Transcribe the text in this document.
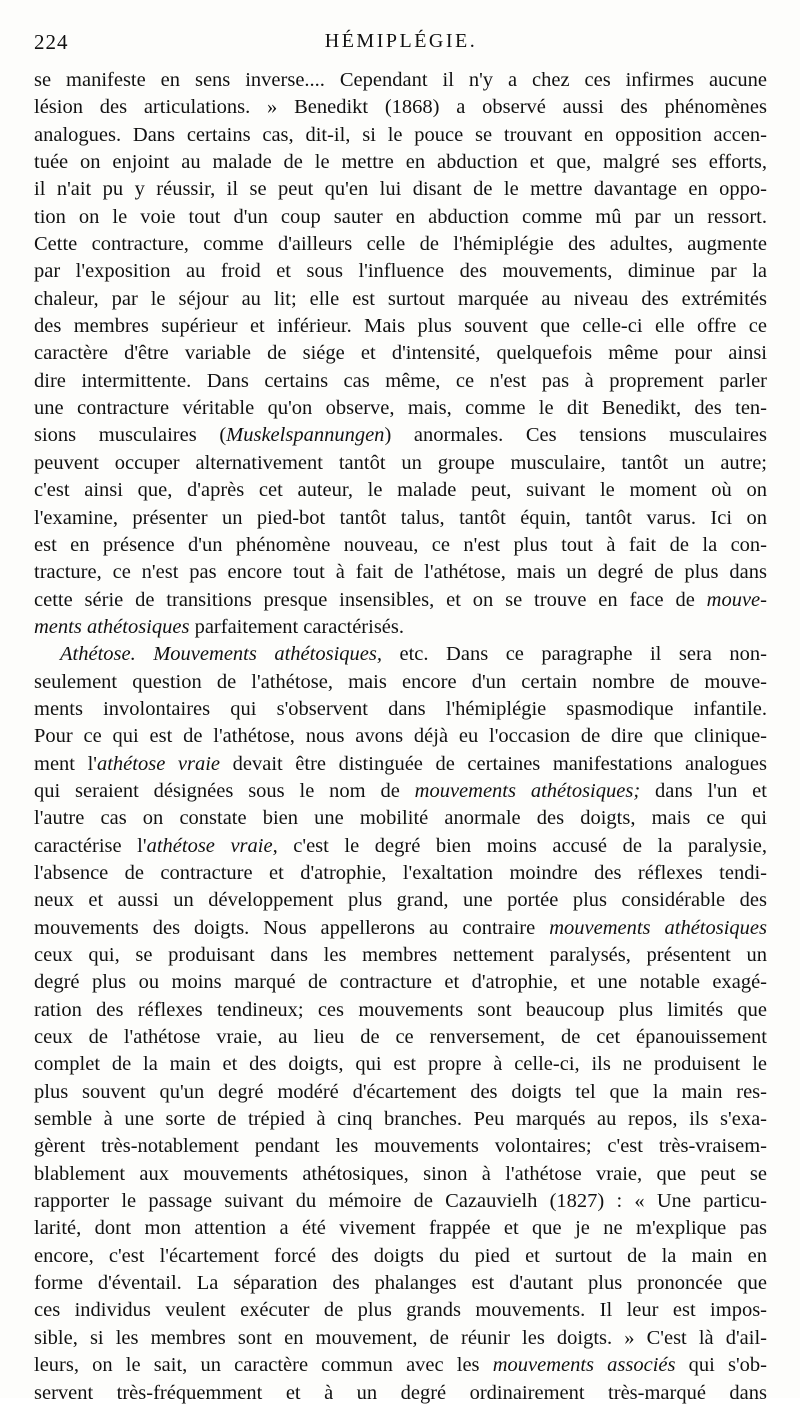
224	HÉMIPLÉGIE.
se manifeste en sens inverse.... Cependant il n'y a chez ces infirmes aucune
lésion des articulations. » Benedikt (1868) a observé aussi des phénomènes
analogues. Dans certains cas, dit-il, si le pouce se trouvant en opposition accen-
tuée on enjoint au malade de le mettre en abduction et que, malgré ses efforts,
il n'ait pu y réussir, il se peut qu'en lui disant de le mettre davantage en oppo-
tion on le voie tout d'un coup sauter en abduction comme mû par un ressort.
Cette contracture, comme d'ailleurs celle de l'hémiplégie des adultes, augmente
par l'exposition au froid et sous l'influence des mouvements, diminue par la
chaleur, par le séjour au lit; elle est surtout marquée au niveau des extrémités
des membres supérieur et inférieur. Mais plus souvent que celle-ci elle offre ce
caractère d'être variable de siége et d'intensité, quelquefois même pour ainsi
dire intermittente. Dans certains cas même, ce n'est pas à proprement parler
une contracture véritable qu'on observe, mais, comme le dit Benedikt, des ten-
sions musculaires (Muskelspannungen) anormales. Ces tensions musculaires
peuvent occuper alternativement tantôt un groupe musculaire, tantôt un autre;
c'est ainsi que, d'après cet auteur, le malade peut, suivant le moment où on
l'examine, présenter un pied-bot tantôt talus, tantôt équin, tantôt varus. Ici on
est en présence d'un phénomène nouveau, ce n'est plus tout à fait de la con-
tracture, ce n'est pas encore tout à fait de l'athétose, mais un degré de plus dans
cette série de transitions presque insensibles, et on se trouve en face de mouve-
ments athétosiques parfaitement caractérisés.
Athétose. Mouvements athétosiques, etc. Dans ce paragraphe il sera non-
seulement question de l'athétose, mais encore d'un certain nombre de mouve-
ments involontaires qui s'observent dans l'hémiplégie spasmodique infantile.
Pour ce qui est de l'athétose, nous avons déjà eu l'occasion de dire que clinique-
ment l'athétose vraie devait être distinguée de certaines manifestations analogues
qui seraient désignées sous le nom de mouvements athétosiques; dans l'un et
l'autre cas on constate bien une mobilité anormale des doigts, mais ce qui
caractérise l'athétose vraie, c'est le degré bien moins accusé de la paralysie,
l'absence de contracture et d'atrophie, l'exaltation moindre des réflexes tendi-
neux et aussi un développement plus grand, une portée plus considérable des
mouvements des doigts. Nous appellerons au contraire mouvements athétosiques
ceux qui, se produisant dans les membres nettement paralysés, présentent un
degré plus ou moins marqué de contracture et d'atrophie, et une notable exagé-
ration des réflexes tendineux; ces mouvements sont beaucoup plus limités que
ceux de l'athétose vraie, au lieu de ce renversement, de cet épanouissement
complet de la main et des doigts, qui est propre à celle-ci, ils ne produisent le
plus souvent qu'un degré modéré d'écartement des doigts tel que la main res-
semble à une sorte de trépied à cinq branches. Peu marqués au repos, ils s'exa-
gèrent très-notablement pendant les mouvements volontaires; c'est très-vraisem-
blablement aux mouvements athétosiques, sinon à l'athétose vraie, que peut se
rapporter le passage suivant du mémoire de Cazauvielh (1827) : « Une particu-
larité, dont mon attention a été vivement frappée et que je ne m'explique pas
encore, c'est l'écartement forcé des doigts du pied et surtout de la main en
forme d'éventail. La séparation des phalanges est d'autant plus prononcée que
ces individus veulent exécuter de plus grands mouvements. Il leur est impos-
sible, si les membres sont en mouvement, de réunir les doigts. » C'est là d'ail-
leurs, on le sait, un caractère commun avec les mouvements associés qui s'ob-
servent très-fréquemment et à un degré ordinairement très-marqué dans
